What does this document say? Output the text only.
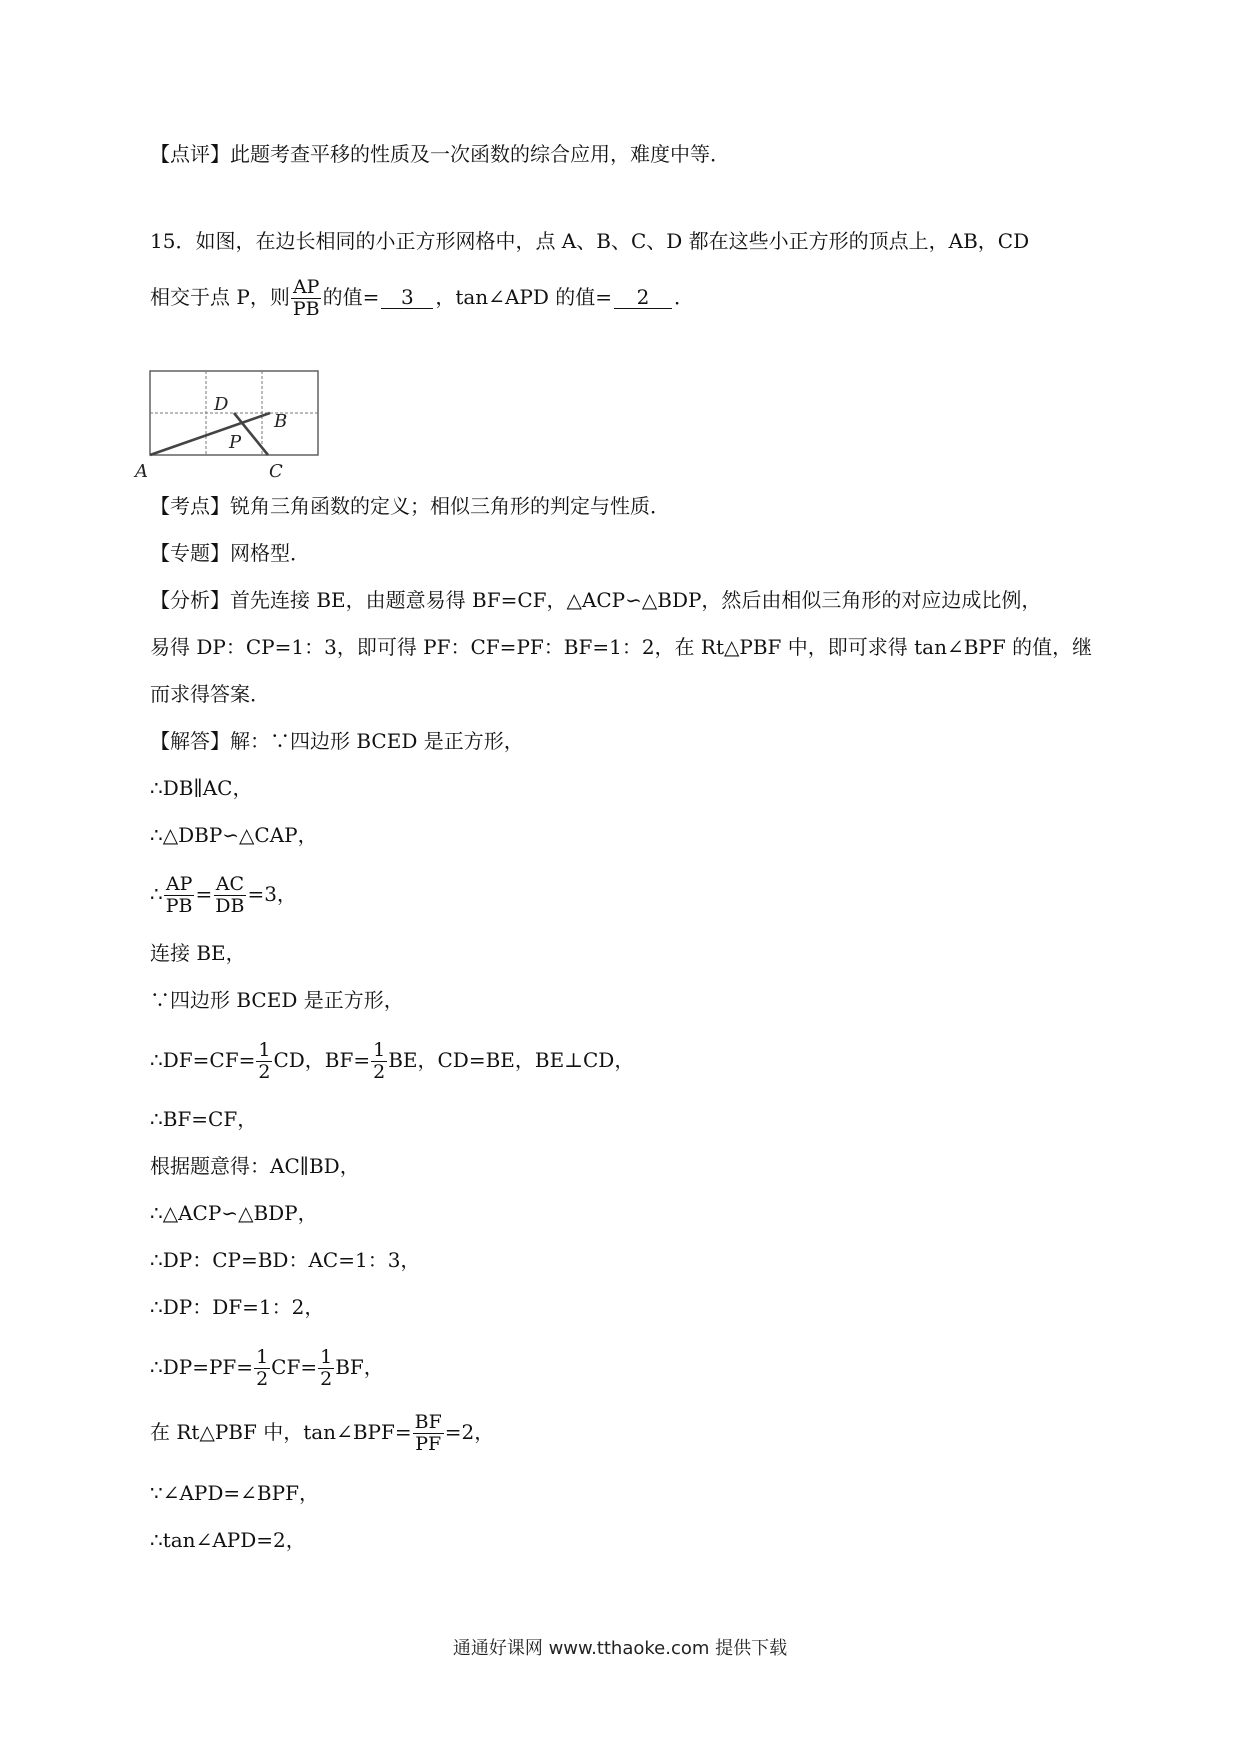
【点评】此题考查平移的性质及一次函数的综合应用，难度中等．
15．如图，在边长相同的小正方形网格中，点 A、B、C、D 都在这些小正方形的顶点上，AB，CD
相交于点 P，则 $\frac{AP}{PB}$ 的值= 3 ，tan∠APD 的值= 2 ．
A
B
C
D
P
【考点】锐角三角函数的定义；相似三角形的判定与性质．
【专题】网格型．
【分析】首先连接 BE，由题意易得 BF=CF，△ACP∽△BDP，然后由相似三角形的对应边成比例，
易得 DP：CP=1：3，即可得 PF：CF=PF：BF=1：2，在 Rt△PBF 中，即可求得 tan∠BPF 的值，继
而求得答案．
【解答】解：∵四边形 BCED 是正方形，
∴DB∥AC，
∴△DBP∽△CAP，
∴ $\frac{AP}{PB} = \frac{AC}{DB} =3$，
连接 BE，
∵四边形 BCED 是正方形，
∴DF=CF= $\frac{1}{2}$ CD，$BF= \frac{1}{2}$ BE，CD=BE，BE⊥CD，
∴BF=CF，
根据题意得：AC∥BD，
∴△ACP∽△BDP，
∴DP：CP=BD：AC=1：3，
∴DP：DF=1：2，
∴DP=PF= $\frac{1}{2} CF= \frac{1}{2}$ BF，
在 Rt△PBF 中，tan∠BPF= $\frac{BF}{PF} =2$，
∵∠APD=∠BPF，
∴tan∠APD=2，
通通好课网 www.tthaoke.com 提供下载
